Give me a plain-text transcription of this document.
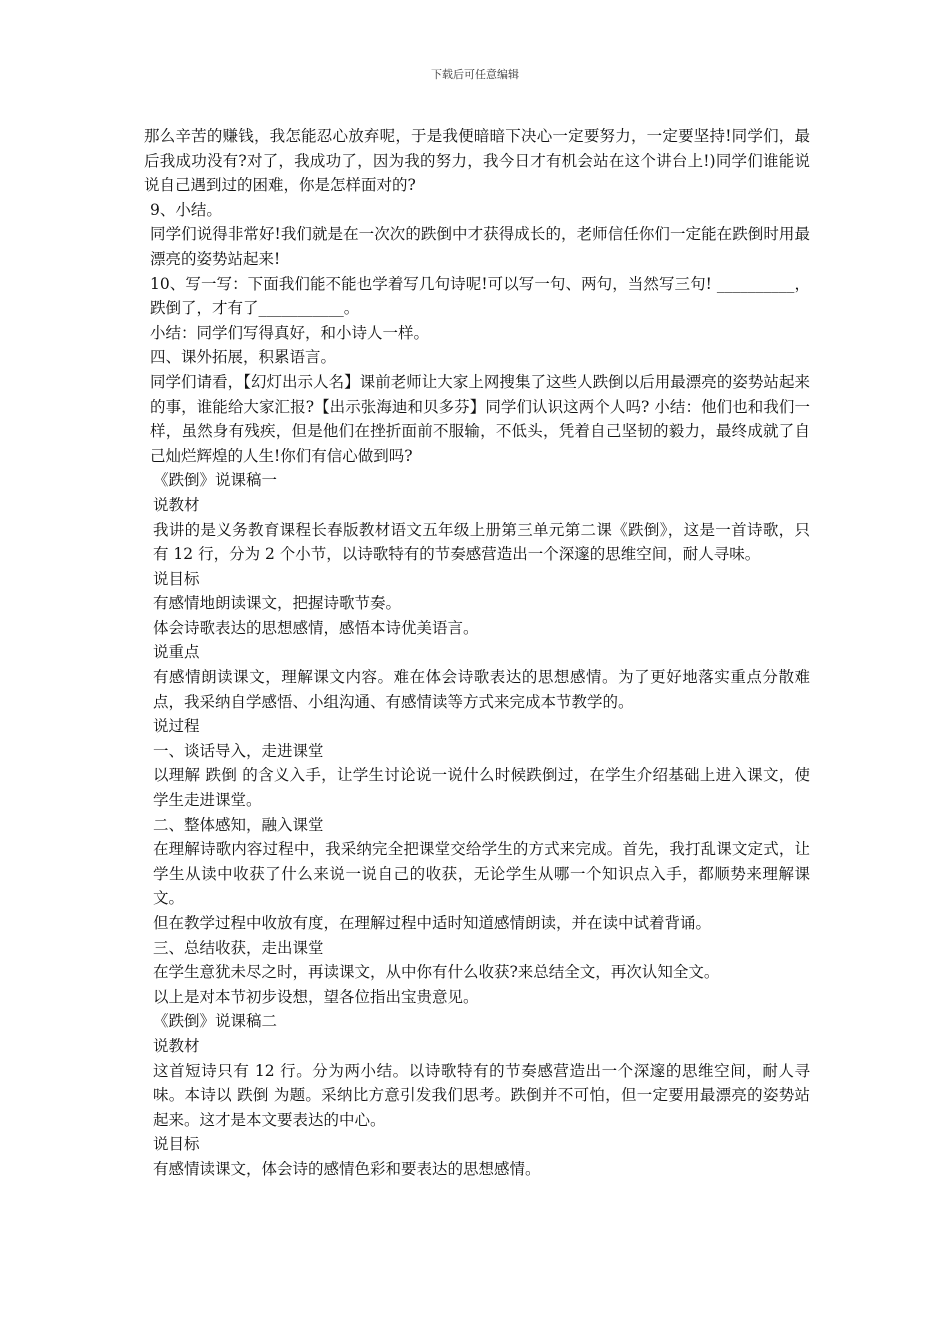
下载后可任意编辑

那么辛苦的赚钱，我怎能忍心放弃呢，于是我便暗暗下决心一定要努力，一定要坚持!同学们，最后我成功没有?对了，我成功了，因为我的努力，我今日才有机会站在这个讲台上!)同学们谁能说说自己遇到过的困难，你是怎样面对的?

9、小结。

同学们说得非常好!我们就是在一次次的跌倒中才获得成长的，老师信任你们一定能在跌倒时用最漂亮的姿势站起来!

10、写一写：下面我们能不能也学着写几句诗呢!可以写一句、两句，当然写三句! __________，跌倒了，才有了___________。

小结：同学们写得真好，和小诗人一样。

四、课外拓展，积累语言。

同学们请看，【幻灯出示人名】课前老师让大家上网搜集了这些人跌倒以后用最漂亮的姿势站起来的事，谁能给大家汇报?【出示张海迪和贝多芬】同学们认识这两个人吗? 小结：他们也和我们一样，虽然身有残疾，但是他们在挫折面前不服输，不低头，凭着自己坚韧的毅力，最终成就了自己灿烂辉煌的人生!你们有信心做到吗?

《跌倒》说课稿一

说教材

我讲的是义务教育课程长春版教材语文五年级上册第三单元第二课《跌倒》，这是一首诗歌，只有 12 行，分为 2 个小节，以诗歌特有的节奏感营造出一个深邃的思维空间，耐人寻味。

说目标

有感情地朗读课文，把握诗歌节奏。

体会诗歌表达的思想感情，感悟本诗优美语言。

说重点

有感情朗读课文，理解课文内容。难在体会诗歌表达的思想感情。为了更好地落实重点分散难点，我采纳自学感悟、小组沟通、有感情读等方式来完成本节教学的。

说过程

一、谈话导入，走进课堂

以理解 跌倒 的含义入手，让学生讨论说一说什么时候跌倒过，在学生介绍基础上进入课文，使学生走进课堂。

二、整体感知，融入课堂

在理解诗歌内容过程中，我采纳完全把课堂交给学生的方式来完成。首先，我打乱课文定式，让学生从读中收获了什么来说一说自己的收获，无论学生从哪一个知识点入手，都顺势来理解课文。

但在教学过程中收放有度，在理解过程中适时知道感情朗读，并在读中试着背诵。

三、总结收获，走出课堂

在学生意犹未尽之时，再读课文，从中你有什么收获?来总结全文，再次认知全文。

以上是对本节初步设想，望各位指出宝贵意见。

《跌倒》说课稿二

说教材

这首短诗只有 12 行。分为两小结。以诗歌特有的节奏感营造出一个深邃的思维空间，耐人寻味。本诗以 跌倒 为题。采纳比方意引发我们思考。跌倒并不可怕，但一定要用最漂亮的姿势站起来。这才是本文要表达的中心。

说目标

有感情读课文，体会诗的感情色彩和要表达的思想感情。
